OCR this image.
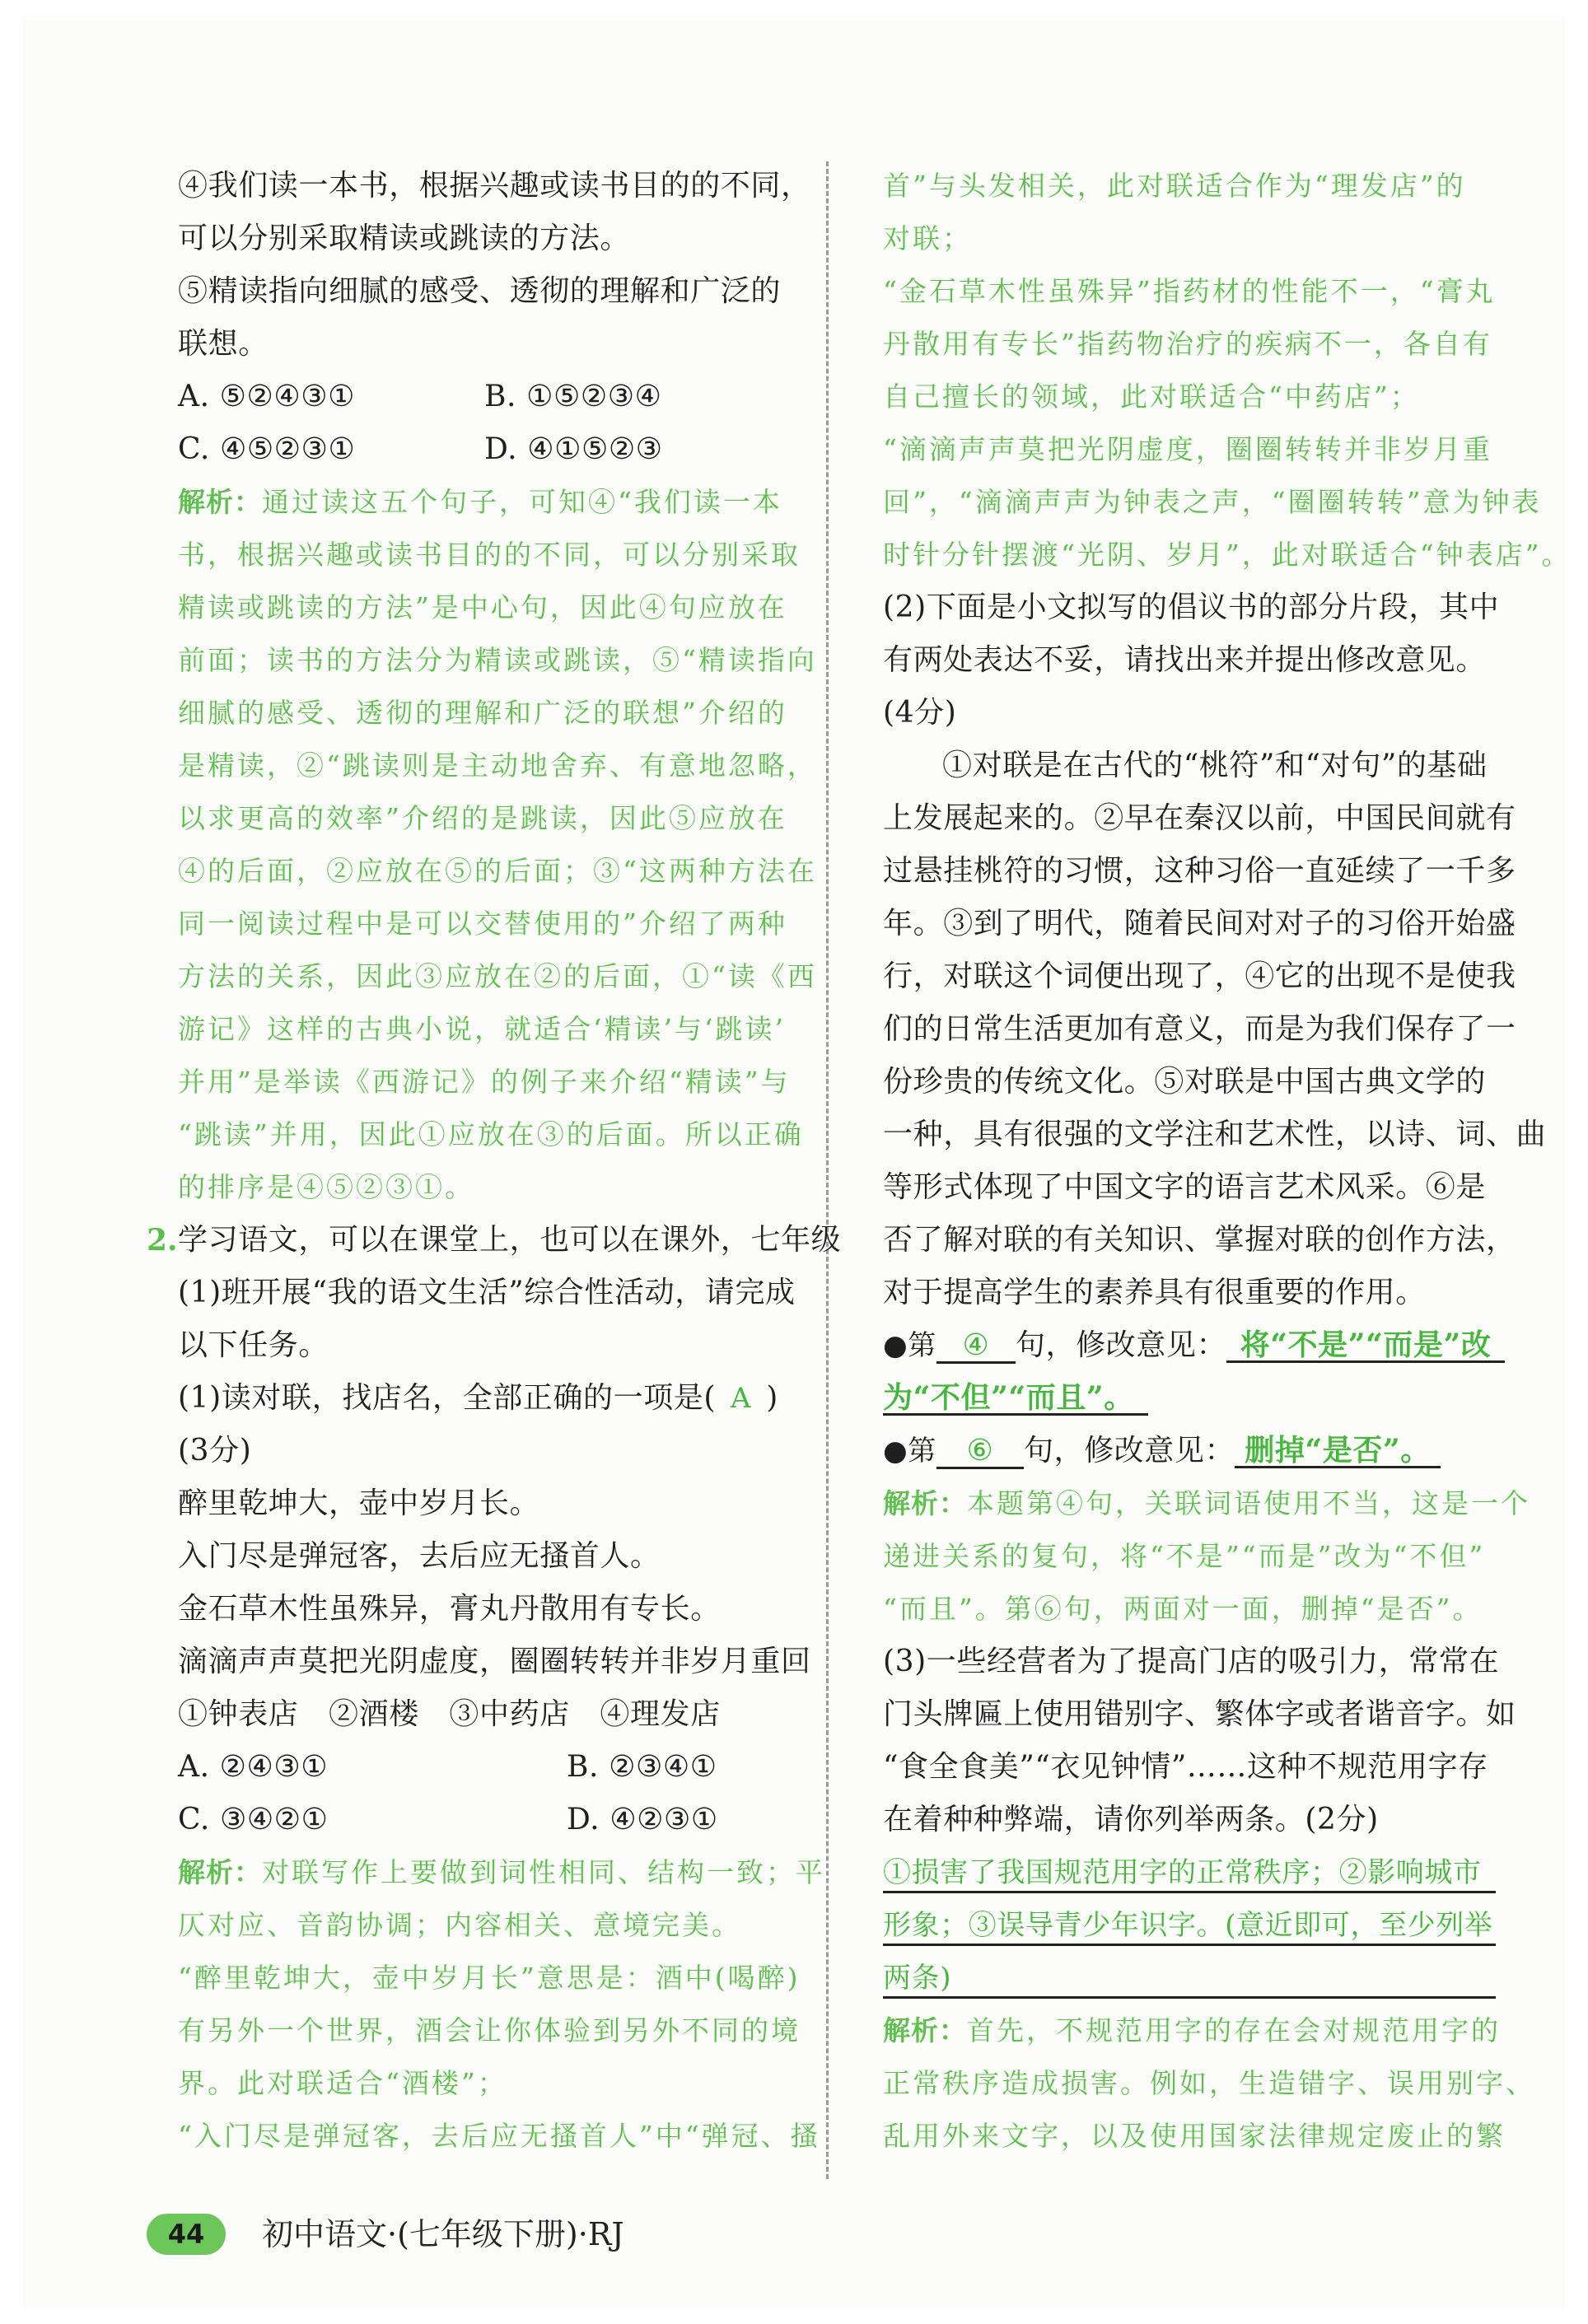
④我们读一本书，根据兴趣或读书目的的不同，
可以分别采取精读或跳读的方法。
⑤精读指向细腻的感受、透彻的理解和广泛的
联想。
A. ⑤②④③①	B. ①⑤②③④
C. ④⑤②③①	D. ④①⑤②③
解析：通过读这五个句子，可知④“我们读一本
书，根据兴趣或读书目的的不同，可以分别采取
精读或跳读的方法”是中心句，因此④句应放在
前面；读书的方法分为精读或跳读，⑤“精读指向
细腻的感受、透彻的理解和广泛的联想”介绍的
是精读，②“跳读则是主动地舍弃、有意地忽略，
以求更高的效率”介绍的是跳读，因此⑤应放在
④的后面，②应放在⑤的后面；③“这两种方法在
同一阅读过程中是可以交替使用的”介绍了两种
方法的关系，因此③应放在②的后面，①“读《西
游记》这样的古典小说，就适合‘精读’与‘跳读’
并用”是举读《西游记》的例子来介绍“精读”与
“跳读”并用，因此①应放在③的后面。所以正确
的排序是④⑤②③①。
学习语文，可以在课堂上，也可以在课外，七年级
(1)班开展“我的语文生活”综合性活动，请完成
以下任务。
(1)读对联，找店名，全部正确的一项是( A )
(3分)
醉里乾坤大，壶中岁月长。
入门尽是弹冠客，去后应无搔首人。
金石草木性虽殊异，膏丸丹散用有专长。
滴滴声声莫把光阴虚度，圈圈转转并非岁月重回
①钟表店　②酒楼　③中药店　④理发店
A. ②④③①	B. ②③④①
C. ③④②①	D. ④②③①
解析：对联写作上要做到词性相同、结构一致；平
仄对应、音韵协调；内容相关、意境完美。
“醉里乾坤大，壶中岁月长”意思是：酒中(喝醉)
有另外一个世界，酒会让你体验到另外不同的境
界。此对联适合“酒楼”；
“入门尽是弹冠客，去后应无搔首人”中“弹冠、搔
2.
首”与头发相关，此对联适合作为“理发店”的
对联；
“金石草木性虽殊异”指药材的性能不一，“膏丸
丹散用有专长”指药物治疗的疾病不一，各自有
自己擅长的领域，此对联适合“中药店”；
“滴滴声声莫把光阴虚度，圈圈转转并非岁月重
回”，“滴滴声声为钟表之声，“圈圈转转”意为钟表
时针分针摆渡“光阴、岁月”，此对联适合“钟表店”。
(2)下面是小文拟写的倡议书的部分片段，其中
有两处表达不妥，请找出来并提出修改意见。
(4分)
①对联是在古代的“桃符”和“对句”的基础
上发展起来的。②早在秦汉以前，中国民间就有
过悬挂桃符的习惯，这种习俗一直延续了一千多
年。③到了明代，随着民间对对子的习俗开始盛
行，对联这个词便出现了，④它的出现不是使我
们的日常生活更加有意义，而是为我们保存了一
份珍贵的传统文化。⑤对联是中国古典文学的
一种，具有很强的文学注和艺术性，以诗、词、曲
等形式体现了中国文字的语言艺术风采。⑥是
否了解对联的有关知识、掌握对联的创作方法，
对于提高学生的素养具有很重要的作用。
●第 ④ 句，修改意见： 将“不是”“而是”改
为“不但”“而且”。
●第 ⑥ 句，修改意见： 删掉“是否”。
解析：本题第④句，关联词语使用不当，这是一个
递进关系的复句，将“不是”“而是”改为“不但”
“而且”。第⑥句，两面对一面，删掉“是否”。
(3)一些经营者为了提高门店的吸引力，常常在
门头牌匾上使用错别字、繁体字或者谐音字。如
“食全食美”“衣见钟情”……这种不规范用字存
在着种种弊端，请你列举两条。(2分)
①损害了我国规范用字的正常秩序；②影响城市
形象；③误导青少年识字。(意近即可，至少列举
两条)
解析：首先，不规范用字的存在会对规范用字的
正常秩序造成损害。例如，生造错字、误用别字、
乱用外来文字，以及使用国家法律规定废止的繁
44	初中语文·(七年级下册)·RJ
